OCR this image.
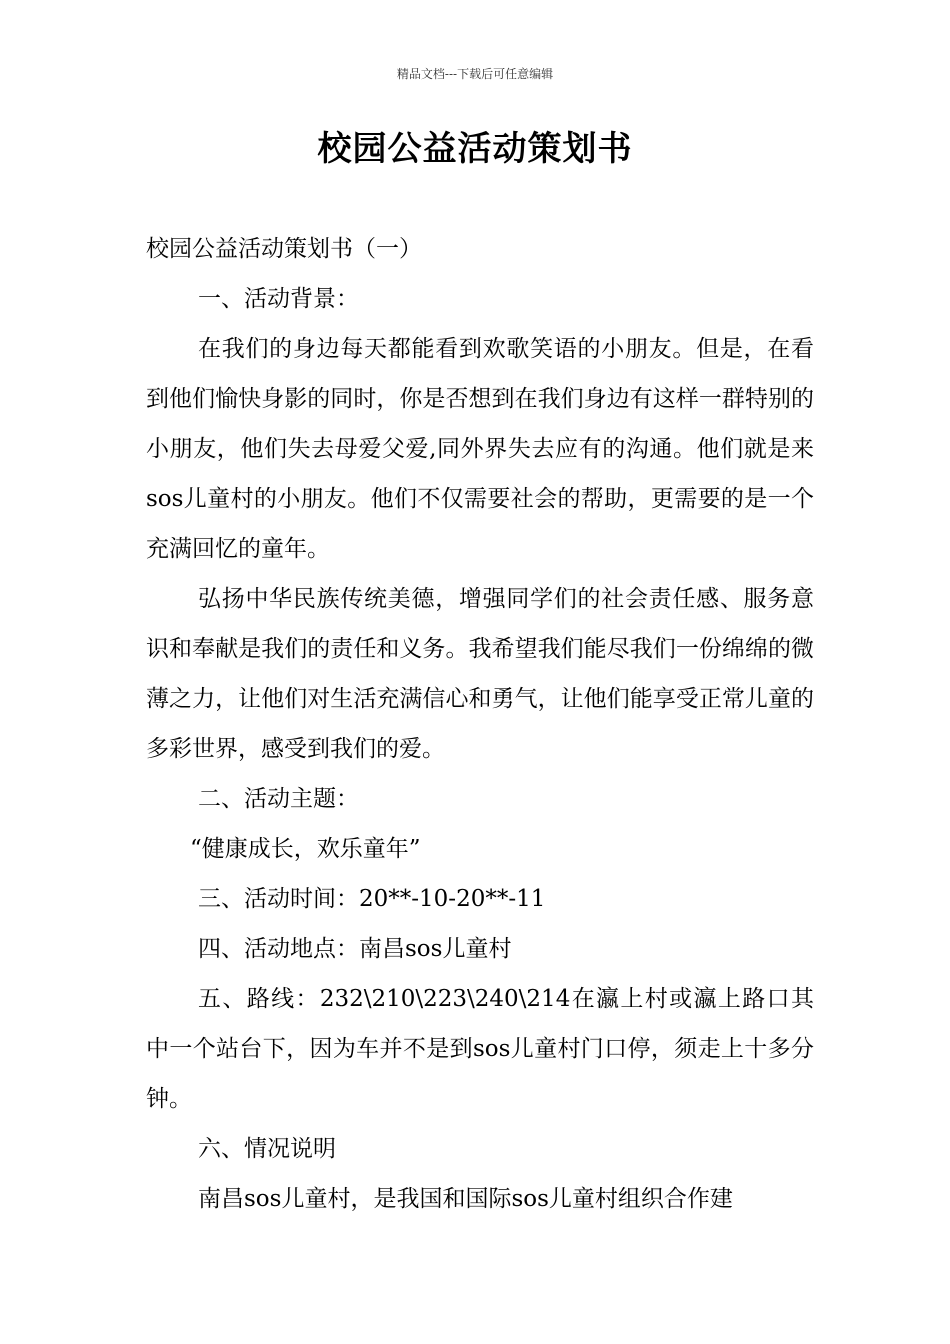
精品文档---下载后可任意编辑
校园公益活动策划书

校园公益活动策划书（一）

一、活动背景：

在我们的身边每天都能看到欢歌笑语的小朋友。但是，在看到他们愉快身影的同时，你是否想到在我们身边有这样一群特别的小朋友，他们失去母爱父爱,同外界失去应有的沟通。他们就是来sos儿童村的小朋友。他们不仅需要社会的帮助，更需要的是一个充满回忆的童年。

弘扬中华民族传统美德，增强同学们的社会责任感、服务意识和奉献是我们的责任和义务。我希望我们能尽我们一份绵绵的微薄之力，让他们对生活充满信心和勇气，让他们能享受正常儿童的多彩世界，感受到我们的爱。

二、活动主题：

“健康成长，欢乐童年”

三、活动时间：20**-10-20**-11

四、活动地点：南昌sos儿童村

五、路线：232\210\223\240\214在瀛上村或瀛上路口其中一个站台下，因为车并不是到sos儿童村门口停，须走上十多分钟。

六、情况说明

南昌sos儿童村，是我国和国际sos儿童村组织合作建
